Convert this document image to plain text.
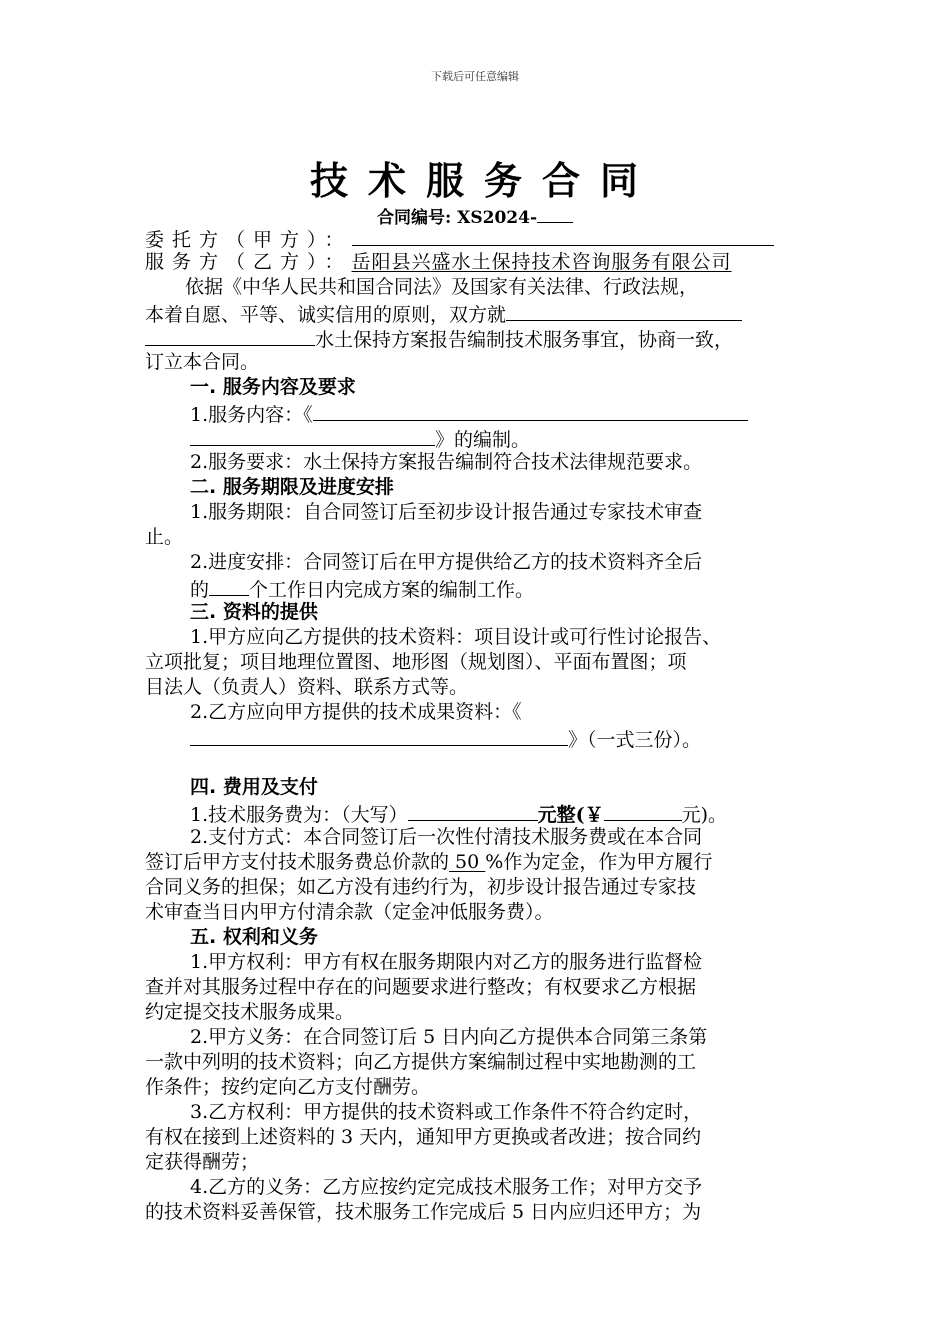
下载后可任意编辑
技术服务合同
合同编号: XS2024-
委托方（甲方）：
服务方（乙方）：岳阳县兴盛水土保持技术咨询服务有限公司
依据《中华人民共和国合同法》及国家有关法律、行政法规，
本着自愿、平等、诚实信用的原则，双方就
水土保持方案报告编制技术服务事宜，协商一致，
订立本合同。
一. 服务内容及要求
1.服务内容：《
》的编制。
2.服务要求：水土保持方案报告编制符合技术法律规范要求。
二. 服务期限及进度安排
1.服务期限：自合同签订后至初步设计报告通过专家技术审查
止。
2.进度安排：合同签订后在甲方提供给乙方的技术资料齐全后
的 个工作日内完成方案的编制工作。
三. 资料的提供
1.甲方应向乙方提供的技术资料：项目设计或可行性讨论报告、
立项批复；项目地理位置图、地形图（规划图）、平面布置图；项
目法人（负责人）资料、联系方式等。
2.乙方应向甲方提供的技术成果资料：《
》（一式三份）。
四. 费用及支付
1.技术服务费为：（大写）	元整(￥	元)。
2.支付方式：本合同签订后一次性付清技术服务费或在本合同
签订后甲方支付技术服务费总价款的 50 %作为定金，作为甲方履行
合同义务的担保；如乙方没有违约行为，初步设计报告通过专家技
术审查当日内甲方付清余款（定金冲低服务费）。
五. 权利和义务
1.甲方权利：甲方有权在服务期限内对乙方的服务进行监督检
查并对其服务过程中存在的问题要求进行整改；有权要求乙方根据
约定提交技术服务成果。
2.甲方义务：在合同签订后 5 日内向乙方提供本合同第三条第
一款中列明的技术资料；向乙方提供方案编制过程中实地勘测的工
作条件；按约定向乙方支付酬劳。
3.乙方权利：甲方提供的技术资料或工作条件不符合约定时，
有权在接到上述资料的 3 天内，通知甲方更换或者改进；按合同约
定获得酬劳；
4.乙方的义务：乙方应按约定完成技术服务工作；对甲方交予
的技术资料妥善保管，技术服务工作完成后 5 日内应归还甲方；为
